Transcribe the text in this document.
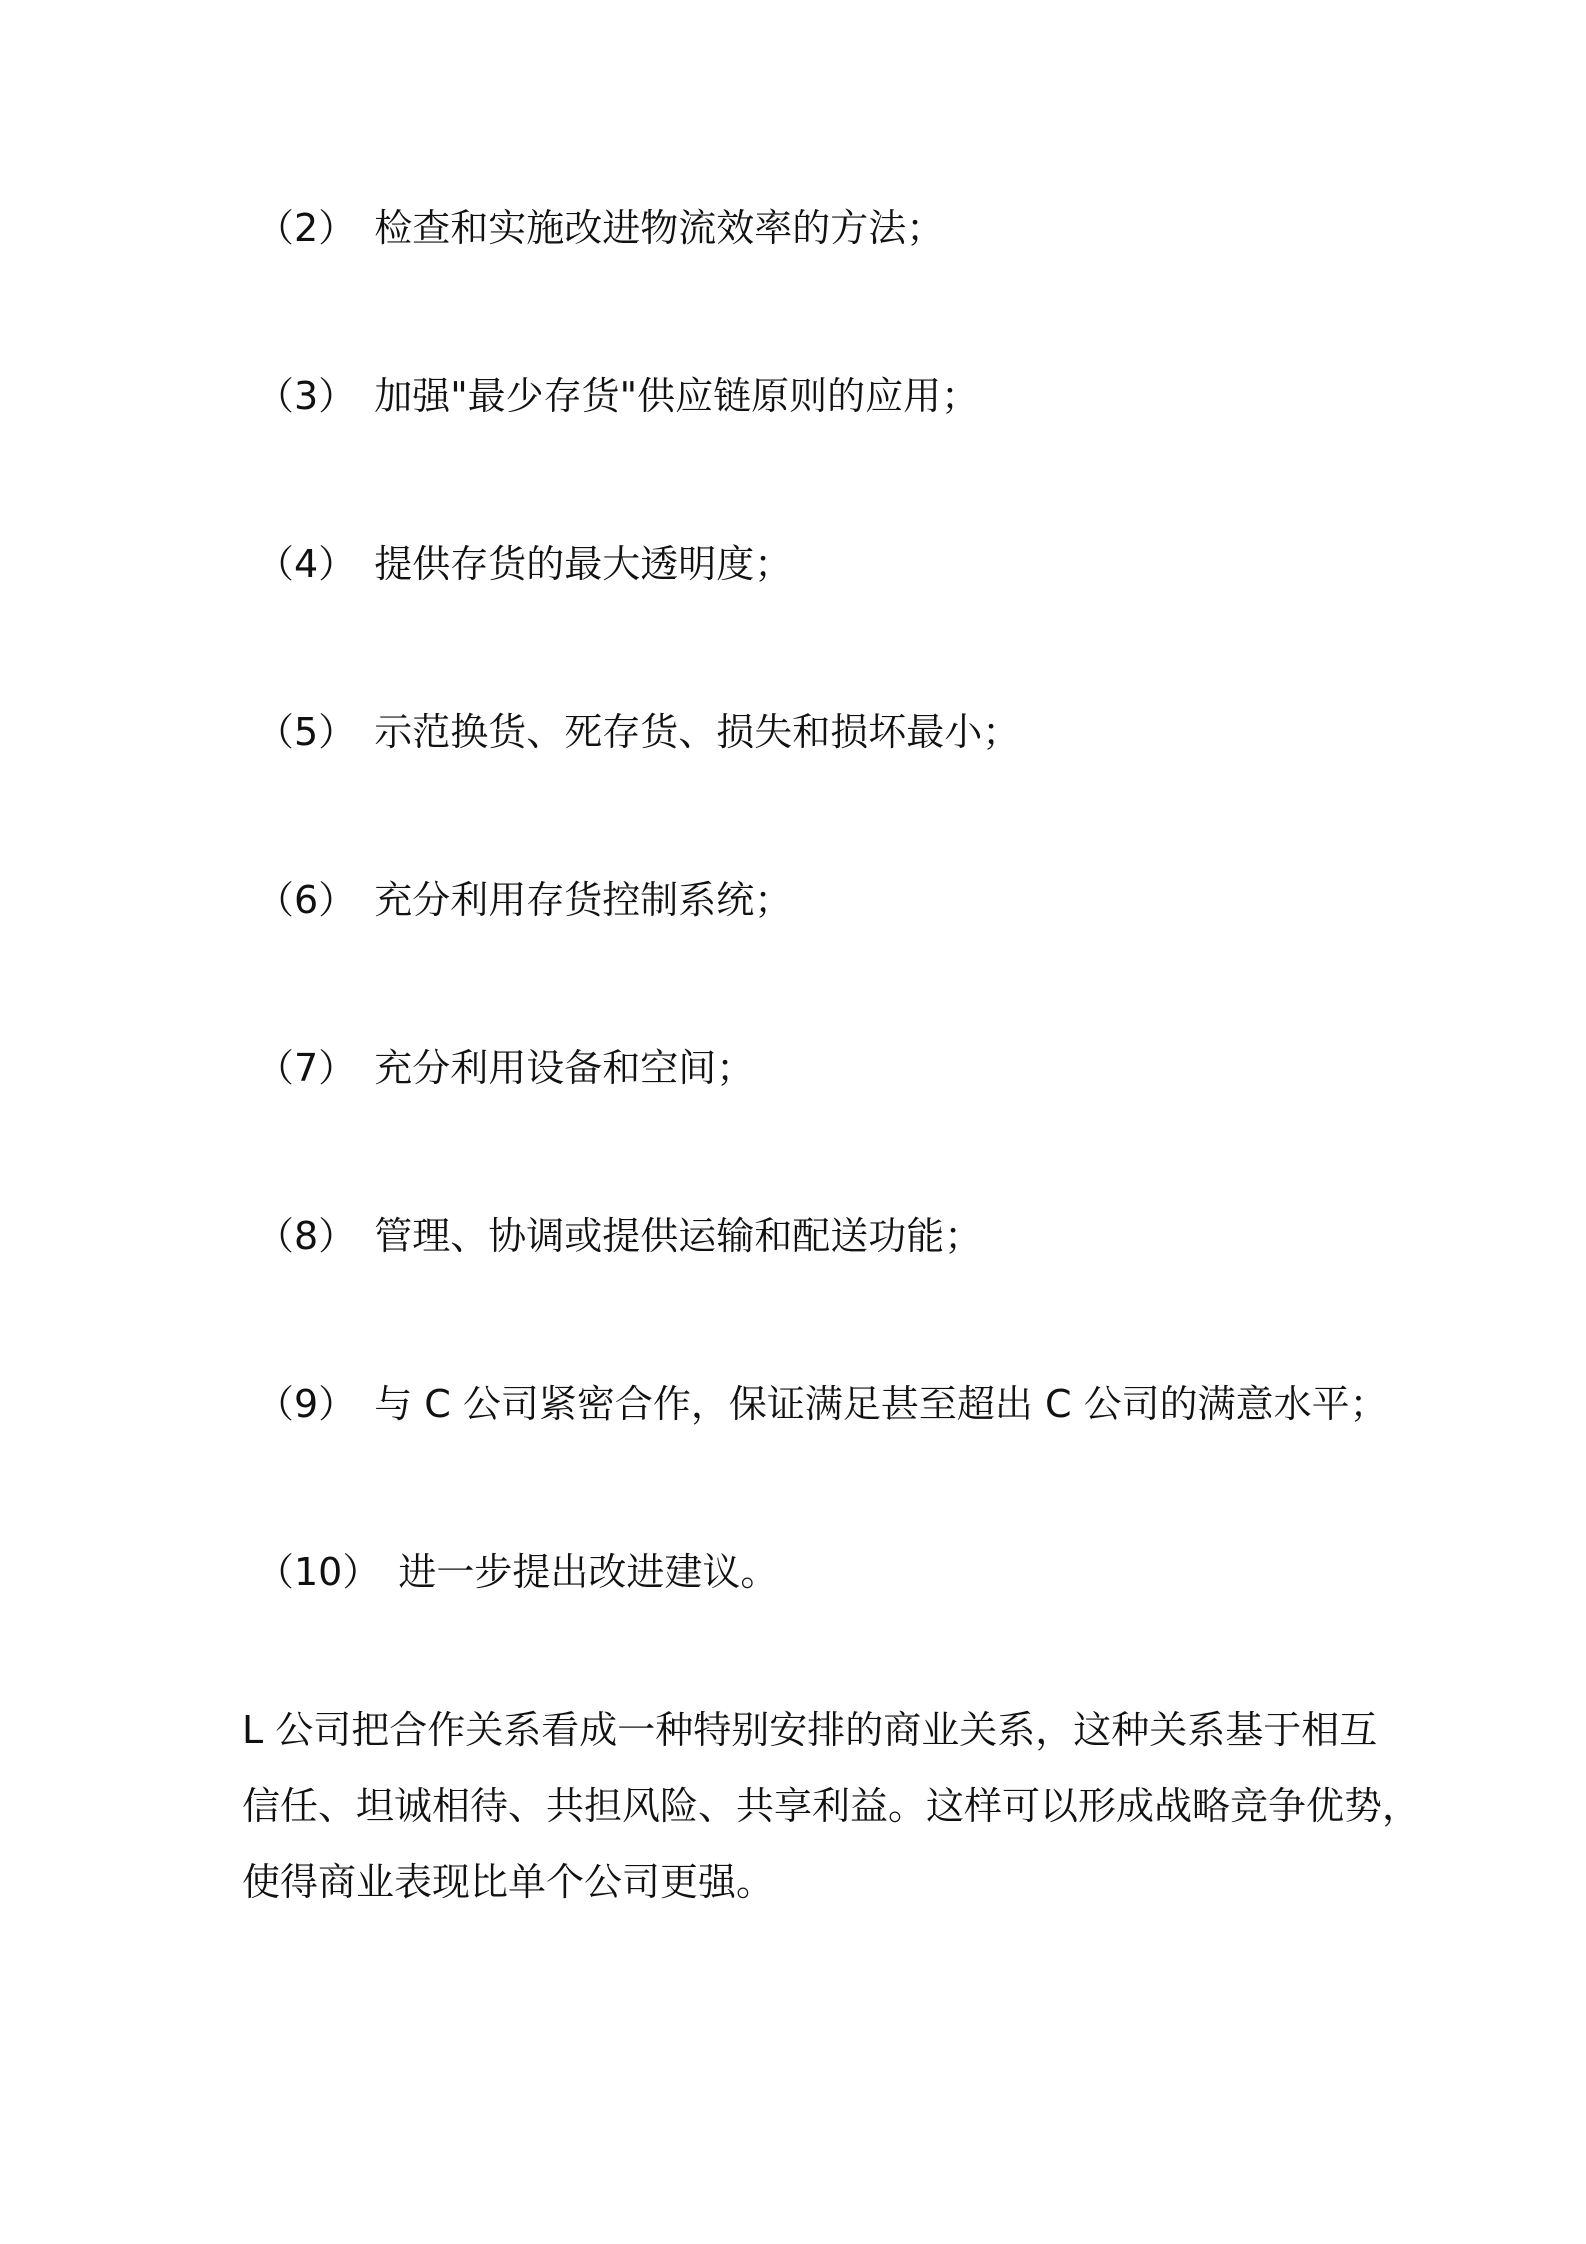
（2） 检查和实施改进物流效率的方法；
（3） 加强"最少存货"供应链原则的应用；
（4） 提供存货的最大透明度；
（5） 示范换货、死存货、损失和损坏最小；
（6） 充分利用存货控制系统；
（7） 充分利用设备和空间；
（8） 管理、协调或提供运输和配送功能；
（9） 与 C 公司紧密合作，保证满足甚至超出 C 公司的满意水平；
（10） 进一步提出改进建议。
L 公司把合作关系看成一种特别安排的商业关系，这种关系基于相互
信任、坦诚相待、共担风险、共享利益。这样可以形成战略竞争优势，
使得商业表现比单个公司更强。
